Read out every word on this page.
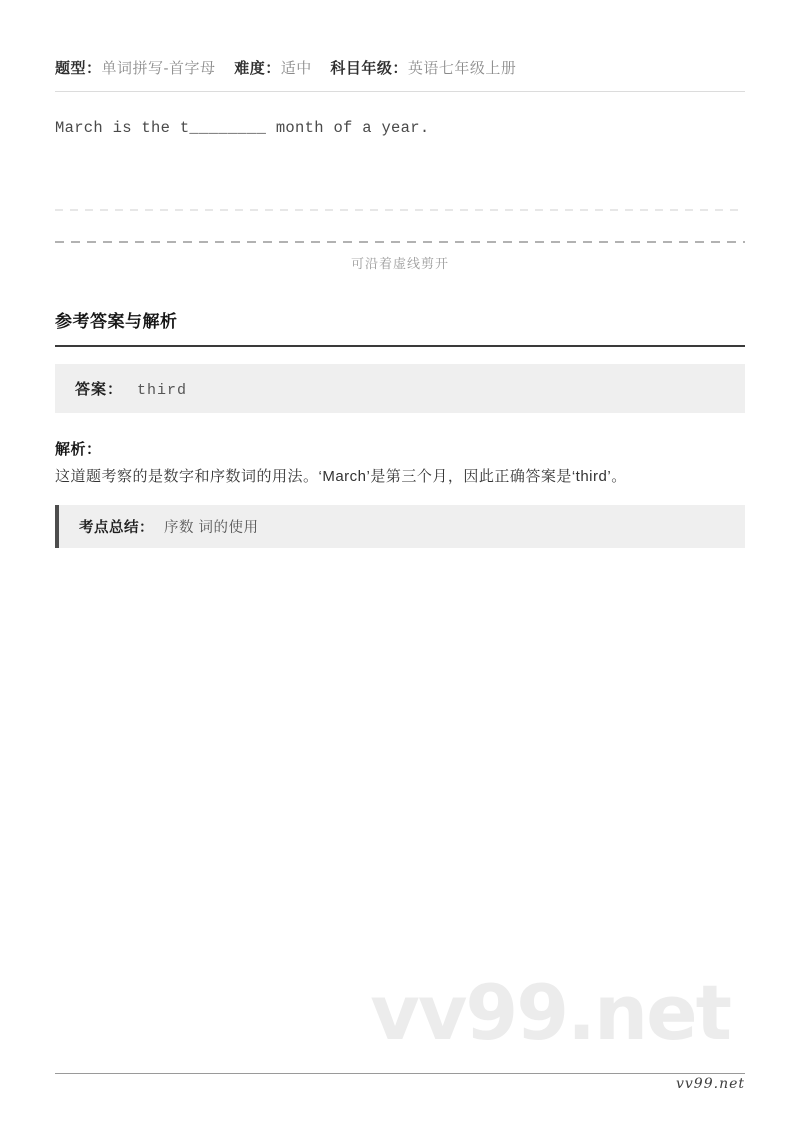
题型：单词拼写-首字母 难度：适中 科目年级：英语七年级上册

March is the t________ month of a year.

可沿着虚线剪开
参考答案与解析
答案： third
解析：
这道题考察的是数字和序数词的用法。‘March’是第三个月，因此正确答案是‘third’。
考点总结： 序数 词的使用
vv99.net
vv99.net
